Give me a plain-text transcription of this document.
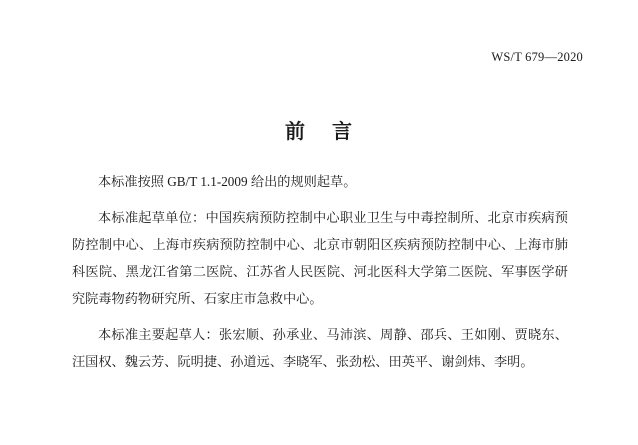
WS/T 679—2020
前 言

本标准按照 GB/T 1.1-2009 给出的规则起草。

本标准起草单位：中国疾病预防控制中心职业卫生与中毒控制所、北京市疾病预防控制中心、上海市疾病预防控制中心、北京市朝阳区疾病预防控制中心、上海市肺科医院、黑龙江省第二医院、江苏省人民医院、河北医科大学第二医院、军事医学研究院毒物药物研究所、石家庄市急救中心。

本标准主要起草人：张宏顺、孙承业、马沛滨、周静、邵兵、王如刚、贾晓东、汪国权、魏云芳、阮明捷、孙道远、李晓军、张劲松、田英平、谢剑炜、李明。
